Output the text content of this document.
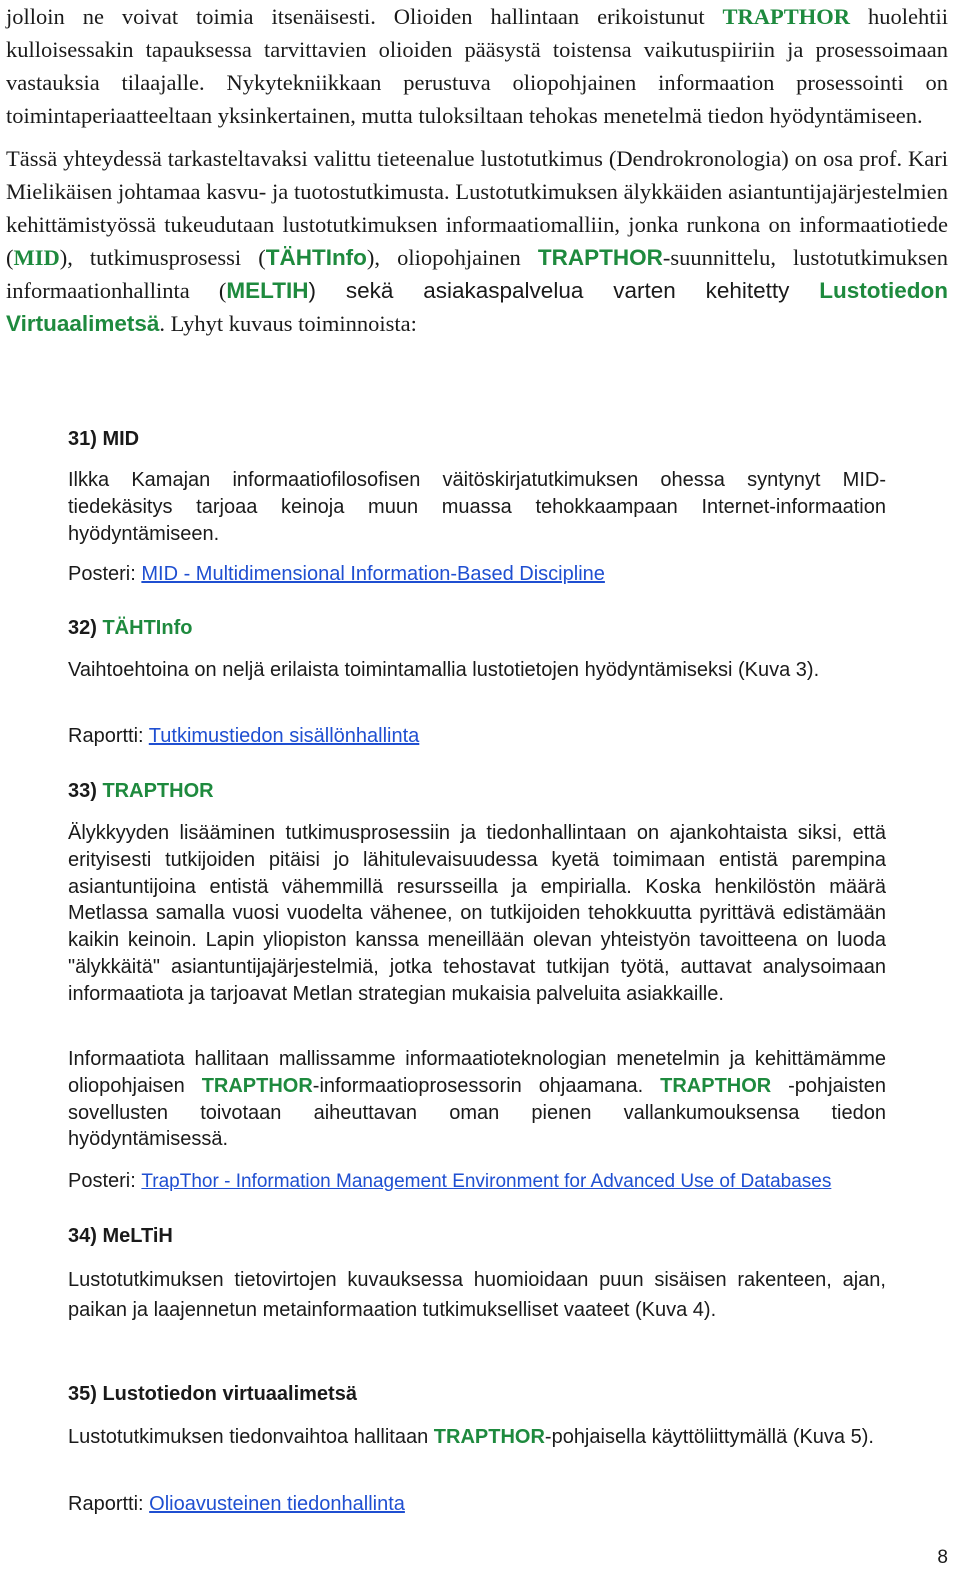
jolloin ne voivat toimia itsenäisesti. Olioiden hallintaan erikoistunut TRAPTHOR huolehtii kulloisessakin tapauksessa tarvittavien olioiden pääsystä toistensa vaikutuspiiriin ja prosessoimaan vastauksia tilaajalle. Nykytekniikkaan perustuva oliopohjainen informaation prosessointi on toimintaperiaatteeltaan yksinkertainen, mutta tuloksiltaan tehokas menetelmä tiedon hyödyntämiseen.

Tässä yhteydessä tarkasteltavaksi valittu tieteenalue lustotutkimus (Dendrokronologia) on osa prof. Kari Mielikäisen johtamaa kasvu- ja tuotostutkimusta. Lustotutkimuksen älykkäiden asiantuntijajärjestelmien kehittämistyössä tukeudutaan lustotutkimuksen informaatiomalliin, jonka runkona on informaatiotiede (MID), tutkimusprosessi (TÄHTInfo), oliopohjainen TRAPTHOR-suunnittelu, lustotutkimuksen informaationhallinta (MELTIH) sekä asiakaspalvelua varten kehitetty Lustotiedon Virtuaalimetsä. Lyhyt kuvaus toiminnoista:

31) MID

Ilkka Kamajan informaatiofilosofisen väitöskirjatutkimuksen ohessa syntynyt MID-tiedekäsitys tarjoaa keinoja muun muassa tehokkaampaan Internet-informaation hyödyntämiseen.

Posteri: MID - Multidimensional Information-Based Discipline

32) TÄHTInfo

Vaihtoehtoina on neljä erilaista toimintamallia lustotietojen hyödyntämiseksi (Kuva 3).

Raportti: Tutkimustiedon sisällönhallinta

33) TRAPTHOR

Älykkyyden lisääminen tutkimusprosessiin ja tiedonhallintaan on ajankohtaista siksi, että erityisesti tutkijoiden pitäisi jo lähitulevaisuudessa kyetä toimimaan entistä parempina asiantuntijoina entistä vähemmillä resursseilla ja empirialla. Koska henkilöstön määrä Metlassa samalla vuosi vuodelta vähenee, on tutkijoiden tehokkuutta pyrittävä edistämään kaikin keinoin. Lapin yliopiston kanssa meneillään olevan yhteistyön tavoitteena on luoda "älykkäitä" asiantuntijajärjestelmiä, jotka tehostavat tutkijan työtä, auttavat analysoimaan informaatiota ja tarjoavat Metlan strategian mukaisia palveluita asiakkaille.

Informaatiota hallitaan mallissamme informaatioteknologian menetelmin ja kehittämämme oliopohjaisen TRAPTHOR-informaatioprosessorin ohjaamana. TRAPTHOR -pohjaisten sovellusten toivotaan aiheuttavan oman pienen vallankumouksensa tiedon hyödyntämisessä.

Posteri: TrapThor - Information Management Environment for Advanced Use of Databases

34) MeLTiH

Lustotutkimuksen tietovirtojen kuvauksessa huomioidaan puun sisäisen rakenteen, ajan, paikan ja laajennetun metainformaation tutkimukselliset vaateet (Kuva 4).

35) Lustotiedon virtuaalimetsä

Lustotutkimuksen tiedonvaihtoa hallitaan TRAPTHOR-pohjaisella käyttöliittymällä (Kuva 5).

Raportti: Olioavusteinen tiedonhallinta

8
